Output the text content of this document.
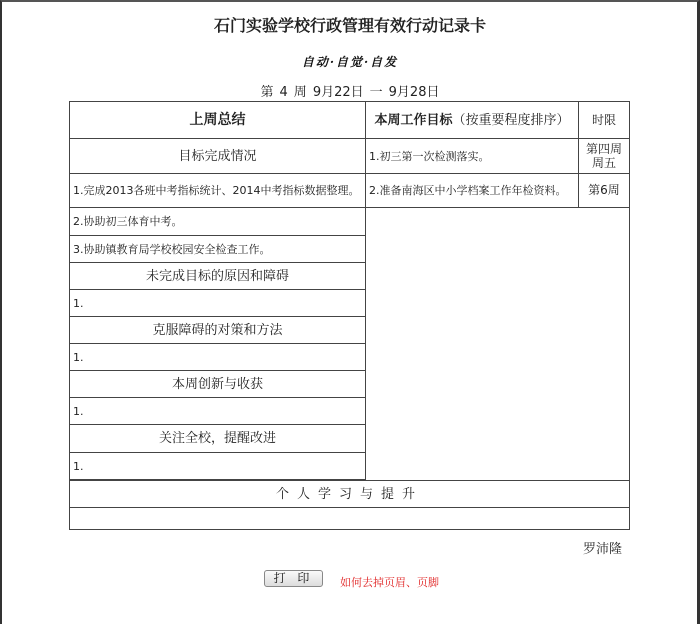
石门实验学校行政管理有效行动记录卡
自动·自觉·自发
第 4 周 9月22日 一 9月28日
上周总结	本周工作目标（按重要程度排序）	时限
目标完成情况	1.初三第一次检测落实。	第四周周五
1.完成2013各班中考指标统计、2014中考指标数据整理。	2.准备南海区中小学档案工作年检资料。	第6周
2.协助初三体育中考。		
3.协助镇教育局学校校园安全检查工作。		
未完成目标的原因和障碍		
1.		
克服障碍的对策和方法		
1.		
本周创新与收获		
1.		
关注全校，提醒改进		
1.		

个人学习与提升		

罗沛隆
打 印	如何去掉页眉、页脚
